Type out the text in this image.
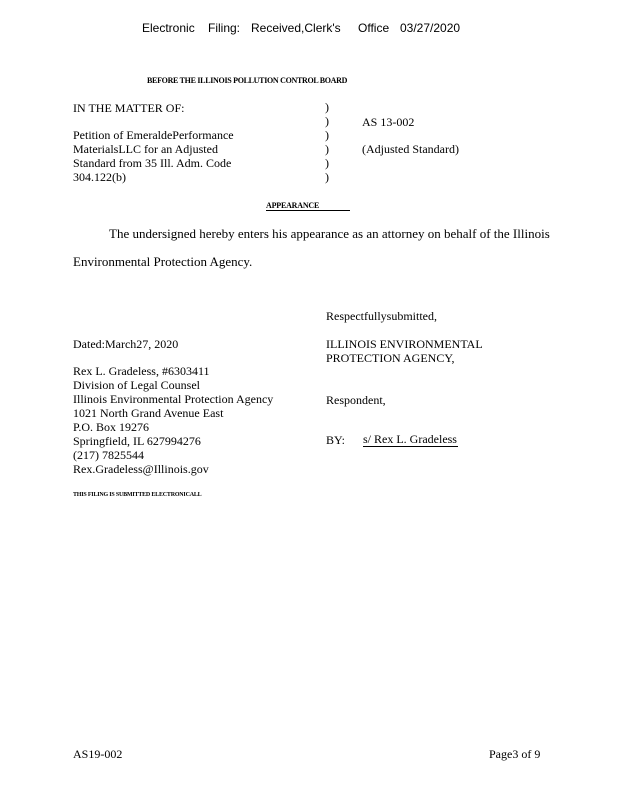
Electronic Filing: Received,Clerk's Office 03/27/2020
BEFORE THE ILLINOIS POLLUTION CONTROL BOARD
IN THE MATTER OF:
Petition of EmeraldePerformance
MaterialsLLC for an Adjusted
Standard from 35 Ill. Adm. Code
304.122(b)
)
)
)
)
)
)
AS 13-002
(Adjusted Standard)
APPEARANCE
The undersigned hereby enters his appearance as an attorney on behalf of the Illinois
Environmental Protection Agency.
Respectfullysubmitted,
Dated:March27, 2020	ILLINOIS ENVIRONMENTAL
PROTECTION AGENCY,
Rex L. Gradeless, #6303411
Division of Legal Counsel
Illinois Environmental Protection Agency
1021 North Grand Avenue East
P.O. Box 19276
Springfield, IL 627994276
(217) 7825544
Rex.Gradeless@Illinois.gov
Respondent,
BY: s/ Rex L. Gradeless
THIS FILING IS SUBMITTED ELECTRONICALL
AS19-002	Page3 of 9
